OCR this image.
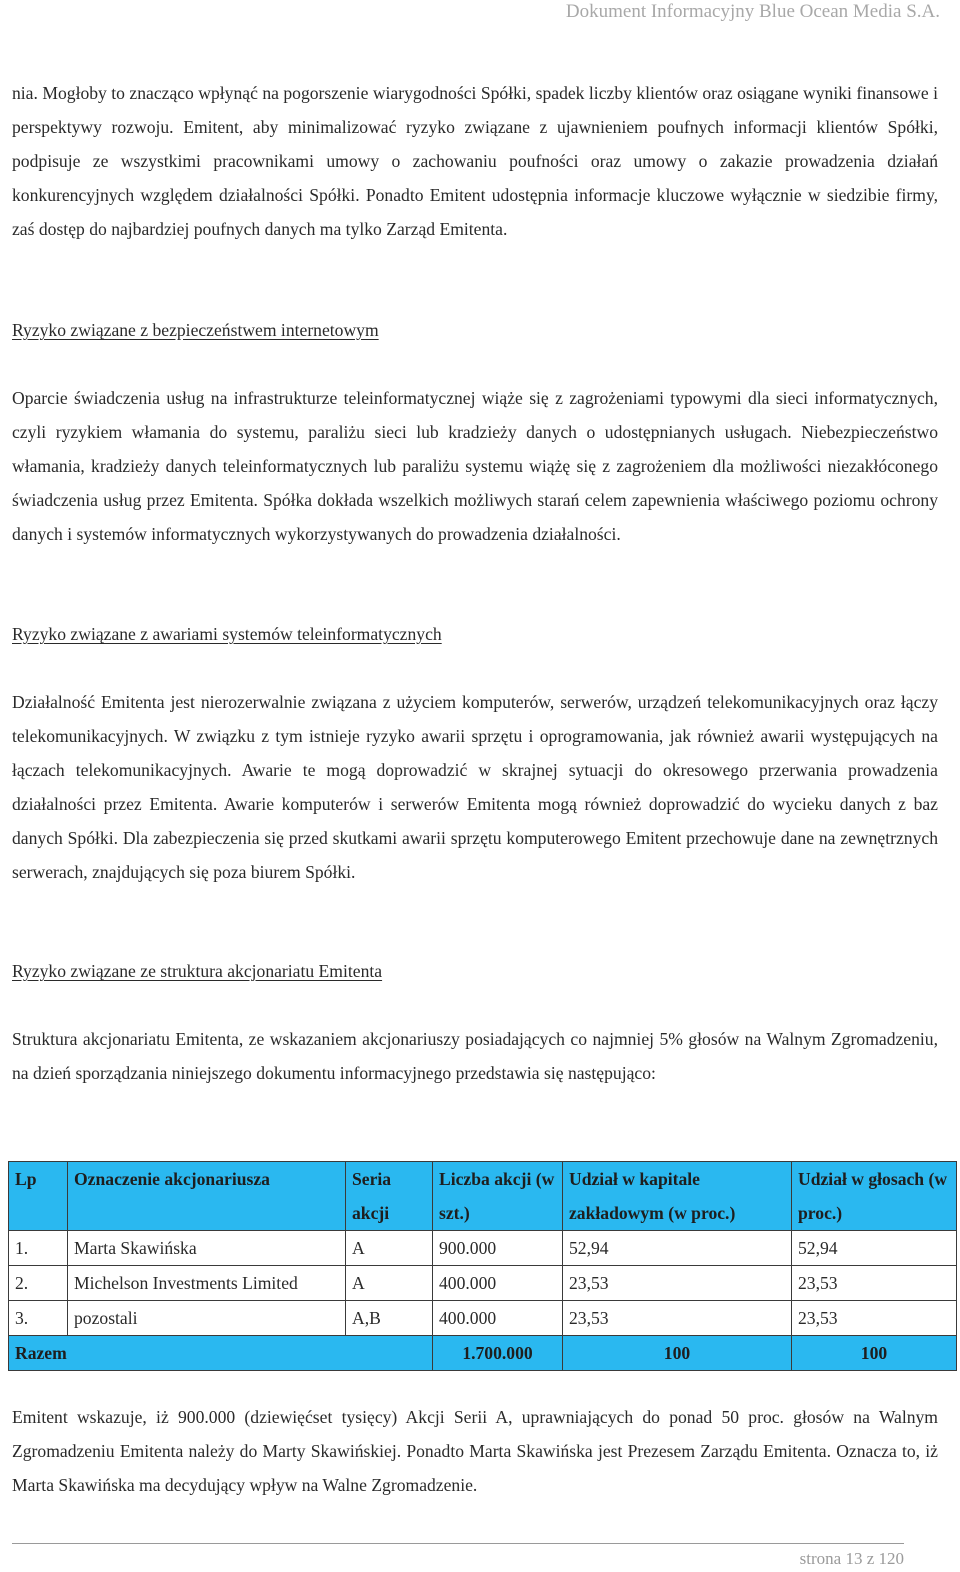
Dokument Informacyjny Blue Ocean Media S.A.

nia. Mogłoby to znacząco wpłynąć na pogorszenie wiarygodności Spółki, spadek liczby klientów oraz osiągane wyniki finansowe i perspektywy rozwoju. Emitent, aby minimalizować ryzyko związane z ujawnieniem poufnych informacji klientów Spółki, podpisuje ze wszystkimi pracownikami umowy o zachowaniu poufności oraz umowy o zakazie prowadzenia działań konkurencyjnych względem działalności Spółki. Ponadto Emitent udostępnia informacje kluczowe wyłącznie w siedzibie firmy, zaś dostęp do najbardziej poufnych danych ma tylko Zarząd Emitenta.

Ryzyko związane z bezpieczeństwem internetowym

Oparcie świadczenia usług na infrastrukturze teleinformatycznej wiąże się z zagrożeniami typowymi dla sieci informatycznych, czyli ryzykiem włamania do systemu, paraliżu sieci lub kradzieży danych o udostępnianych usługach. Niebezpieczeństwo włamania, kradzieży danych teleinformatycznych lub paraliżu systemu wiążę się z zagrożeniem dla możliwości niezakłóconego świadczenia usług przez Emitenta. Spółka dokłada wszelkich możliwych starań celem zapewnienia właściwego poziomu ochrony danych i systemów informatycznych wykorzystywanych do prowadzenia działalności.

Ryzyko związane z awariami systemów teleinformatycznych

Działalność Emitenta jest nierozerwalnie związana z użyciem komputerów, serwerów, urządzeń telekomunikacyjnych oraz łączy telekomunikacyjnych. W związku z tym istnieje ryzyko awarii sprzętu i oprogramowania, jak również awarii występujących na łączach telekomunikacyjnych. Awarie te mogą doprowadzić w skrajnej sytuacji do okresowego przerwania prowadzenia działalności przez Emitenta. Awarie komputerów i serwerów Emitenta mogą również doprowadzić do wycieku danych z baz danych Spółki. Dla zabezpieczenia się przed skutkami awarii sprzętu komputerowego Emitent przechowuje dane na zewnętrznych serwerach, znajdujących się poza biurem Spółki.

Ryzyko związane ze struktura akcjonariatu Emitenta

Struktura akcjonariatu Emitenta, ze wskazaniem akcjonariuszy posiadających co najmniej 5% głosów na Walnym Zgromadzeniu, na dzień sporządzania niniejszego dokumentu informacyjnego przedstawia się następująco:

Lp	Oznaczenie akcjonariusza	Seria akcji	Liczba akcji (w szt.)	Udział w kapitale zakładowym (w proc.)	Udział w głosach (w proc.)
1.	Marta Skawińska	A	900.000	52,94	52,94
2.	Michelson Investments Limited	A	400.000	23,53	23,53
3.	pozostali	A,B	400.000	23,53	23,53
Razem			1.700.000	100	100

Emitent wskazuje, iż 900.000 (dziewięćset tysięcy) Akcji Serii A, uprawniających do ponad 50 proc. głosów na Walnym Zgromadzeniu Emitenta należy do Marty Skawińskiej. Ponadto Marta Skawińska jest Prezesem Zarządu Emitenta. Oznacza to, iż Marta Skawińska ma decydujący wpływ na Walne Zgromadzenie.

strona 13 z 120
